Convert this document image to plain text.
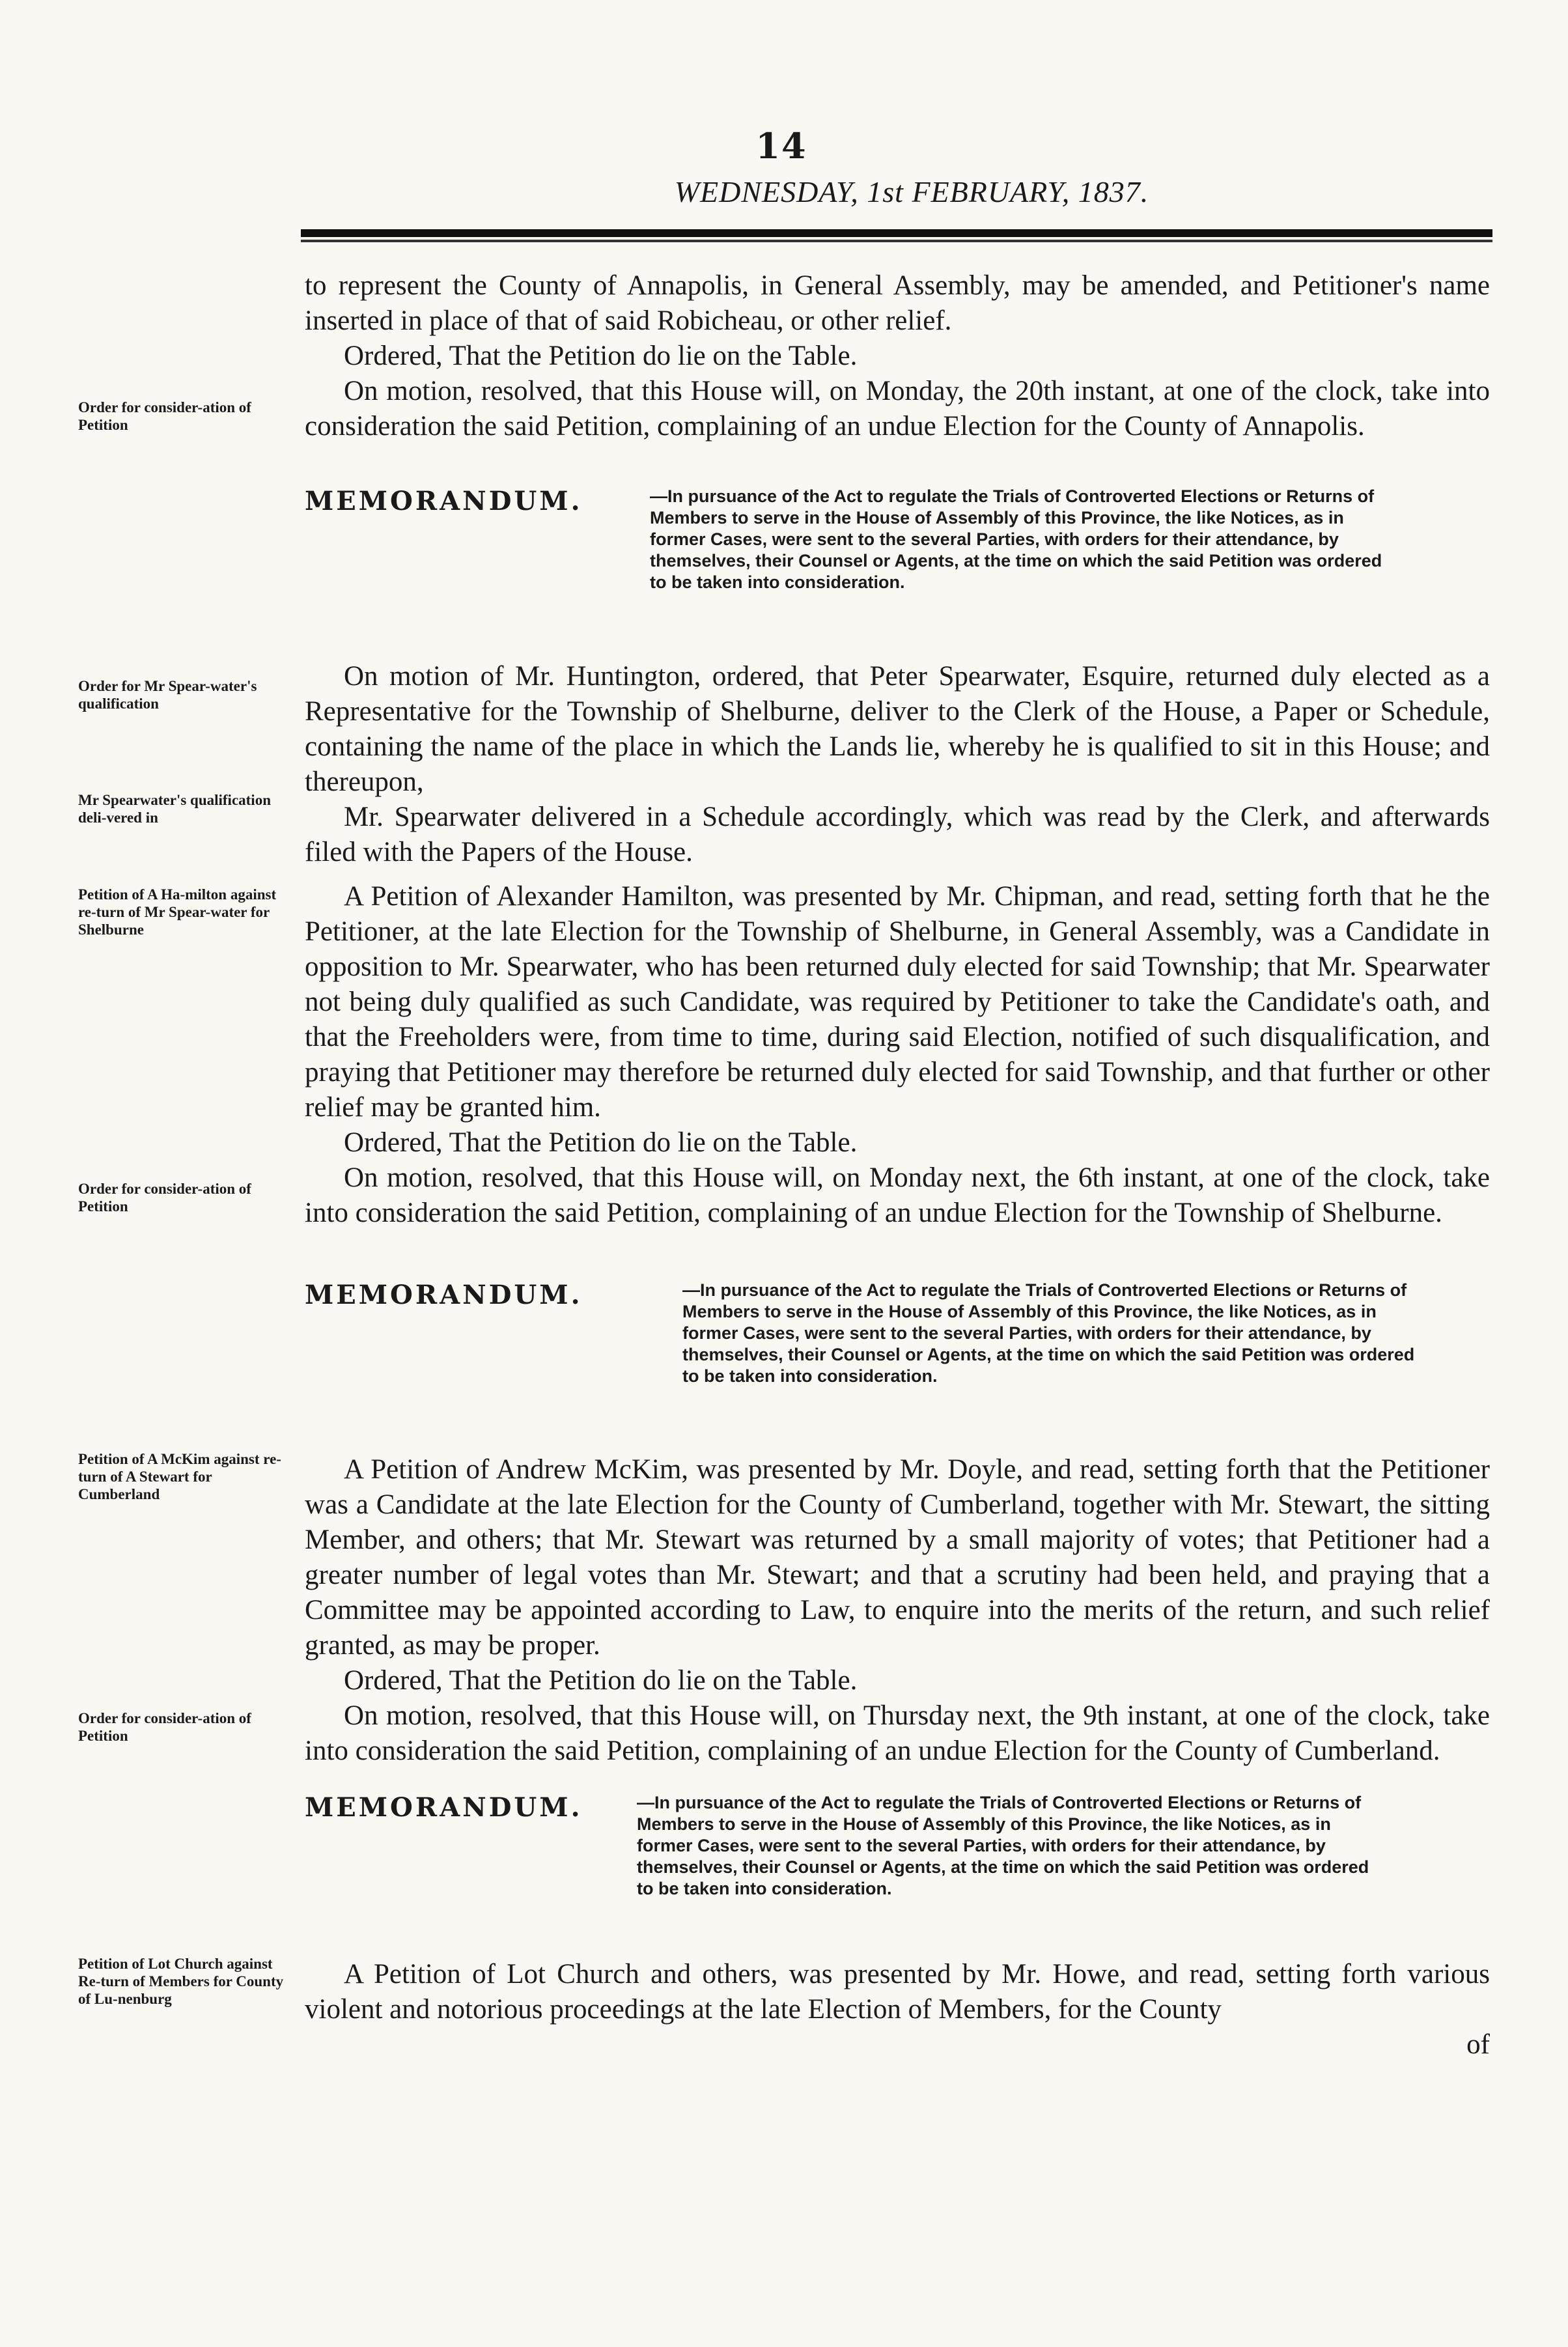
14
WEDNESDAY, 1st FEBRUARY, 1837.
Order for consider-ation of Petition
Order for Mr Spear-water's qualification
Mr Spearwater's qualification deli-vered in
Petition of A Ha-milton against re-turn of Mr Spear-water for Shelburne
Order for consider-ation of Petition
Petition of A McKim against re-turn of A Stewart for Cumberland
Order for consider-ation of Petition
Petition of Lot Church against Re-turn of Members for County of Lu-nenburg

to represent the County of Annapolis, in General Assembly, may be amended, and Petitioner's name inserted in place of that of said Robicheau, or other relief.

Ordered, That the Petition do lie on the Table.

On motion, resolved, that this House will, on Monday, the 20th instant, at one of the clock, take into consideration the said Petition, complaining of an undue Election for the County of Annapolis.

MEMORANDUM.	—In pursuance of the Act to regulate the Trials of Controverted Elections or Returns of Members to serve in the House of Assembly of this Province, the like Notices, as in former Cases, were sent to the several Parties, with orders for their attendance, by themselves, their Counsel or Agents, at the time on which the said Petition was ordered to be taken into consideration.

On motion of Mr. Huntington, ordered, that Peter Spearwater, Esquire, returned duly elected as a Representative for the Township of Shelburne, deliver to the Clerk of the House, a Paper or Schedule, containing the name of the place in which the Lands lie, whereby he is qualified to sit in this House; and thereupon,

Mr. Spearwater delivered in a Schedule accordingly, which was read by the Clerk, and afterwards filed with the Papers of the House.

A Petition of Alexander Hamilton, was presented by Mr. Chipman, and read, setting forth that he the Petitioner, at the late Election for the Township of Shelburne, in General Assembly, was a Candidate in opposition to Mr. Spearwater, who has been returned duly elected for said Township; that Mr. Spearwater not being duly qualified as such Candidate, was required by Petitioner to take the Candidate's oath, and that the Freeholders were, from time to time, during said Election, notified of such disqualification, and praying that Petitioner may therefore be returned duly elected for said Township, and that further or other relief may be granted him.

Ordered, That the Petition do lie on the Table.

On motion, resolved, that this House will, on Monday next, the 6th instant, at one of the clock, take into consideration the said Petition, complaining of an undue Election for the Township of Shelburne.

MEMORANDUM.	—In pursuance of the Act to regulate the Trials of Controverted Elections or Returns of Members to serve in the House of Assembly of this Province, the like Notices, as in former Cases, were sent to the several Parties, with orders for their attendance, by themselves, their Counsel or Agents, at the time on which the said Petition was ordered to be taken into consideration.

A Petition of Andrew McKim, was presented by Mr. Doyle, and read, setting forth that the Petitioner was a Candidate at the late Election for the County of Cumberland, together with Mr. Stewart, the sitting Member, and others; that Mr. Stewart was returned by a small majority of votes; that Petitioner had a greater number of legal votes than Mr. Stewart; and that a scrutiny had been held, and praying that a Committee may be appointed according to Law, to enquire into the merits of the return, and such relief granted, as may be proper.

Ordered, That the Petition do lie on the Table.

On motion, resolved, that this House will, on Thursday next, the 9th instant, at one of the clock, take into consideration the said Petition, complaining of an undue Election for the County of Cumberland.

MEMORANDUM.	—In pursuance of the Act to regulate the Trials of Controverted Elections or Returns of Members to serve in the House of Assembly of this Province, the like Notices, as in former Cases, were sent to the several Parties, with orders for their attendance, by themselves, their Counsel or Agents, at the time on which the said Petition was ordered to be taken into consideration.

A Petition of Lot Church and others, was presented by Mr. Howe, and read, setting forth various violent and notorious proceedings at the late Election of Members, for the County

of
